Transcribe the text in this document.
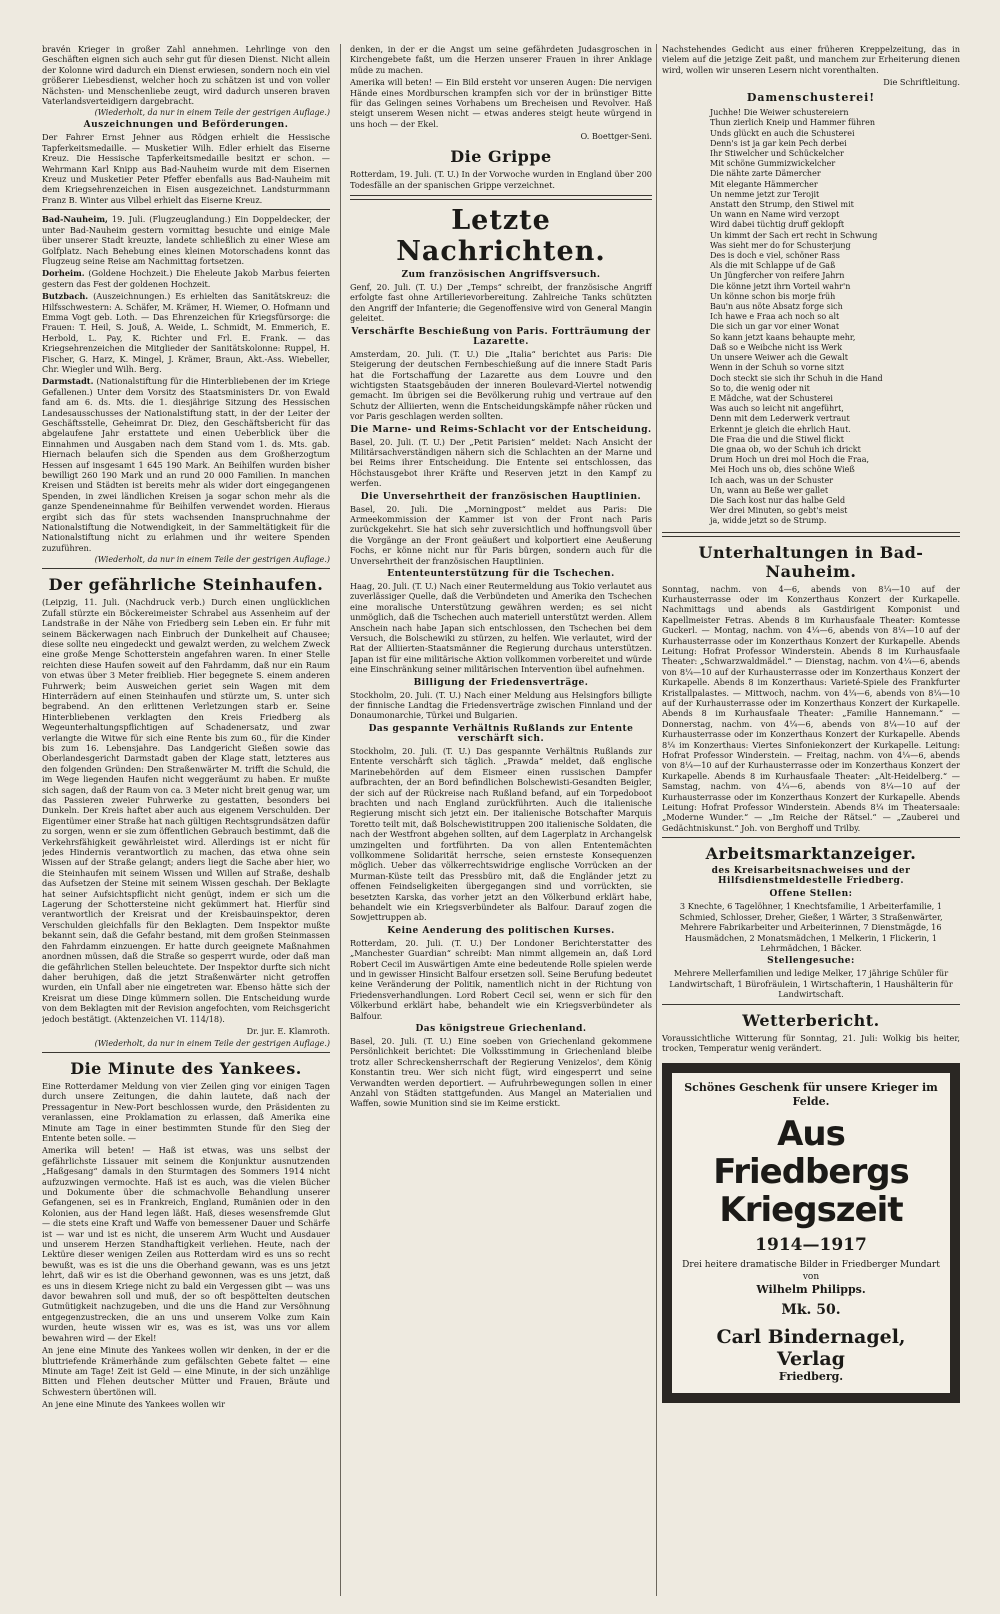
bravén Krieger in großer Zahl annehmen. Lehrlinge von den Geschäften eignen sich auch sehr gut für diesen Dienst. Nicht allein der Kolonne wird dadurch ein Dienst erwiesen, sondern noch ein viel größerer Liebesdienst, welcher hoch zu schätzen ist und von voller Nächsten- und Menschenliebe zeugt, wird dadurch unseren braven Vaterlandsverteidigern dargebracht.

(Wiederholt, da nur in einem Teile der gestrigen Auflage.)
Auszeichnungen und Beförderungen.

Der Fahrer Ernst Jehner aus Rödgen erhielt die Hessische Tapferkeitsmedaille. — Musketier Wilh. Edler erhielt das Eiserne Kreuz. Die Hessische Tapferkeitsmedaille besitzt er schon. — Wehrmann Karl Knipp aus Bad-Nauheim wurde mit dem Eisernen Kreuz und Musketier Peter Pfeffer ebenfalls aus Bad-Nauheim mit dem Kriegsehrenzeichen in Eisen ausgezeichnet. Landsturmmann Franz B. Winter aus Vilbel erhielt das Eiserne Kreuz.

Bad-Nauheim, 19. Juli. (Flugzeuglandung.) Ein Doppeldecker, der unter Bad-Nauheim gestern vormittag besuchte und einige Male über unserer Stadt kreuzte, landete schließlich zu einer Wiese am Golfplatz. Nach Behebung eines kleinen Motorschadens konnt das Flugzeug seine Reise am Nachmittag fortsetzen.

Dorheim. (Goldene Hochzeit.) Die Eheleute Jakob Marbus feierten gestern das Fest der goldenen Hochzeit.

Butzbach. (Auszeichnungen.) Es erhielten das Sanitätskreuz: die Hilfsschwestern: A. Schäfer, M. Krämer, H. Wiemer, O. Hofmann und Emma Vogt geb. Loth. — Das Ehrenzeichen für Kriegsfürsorge: die Frauen: T. Heil, S. Jouß, A. Weide, L. Schmidt, M. Emmerich, E. Herbold, L. Pay, K. Richter und Frl. E. Frank. — das Kriegsehrenzeichen die Mitglieder der Sanitätskolonne: Ruppel, H. Fischer, G. Harz, K. Mingel, J. Krämer, Braun, Akt.-Ass. Wiebeller, Chr. Wiegler und Wilh. Berg.

Darmstadt. (Nationalstiftung für die Hinterbliebenen der im Kriege Gefallenen.) Unter dem Vorsitz des Staatsministers Dr. von Ewald fand am 6. ds. Mts. die 1. diesjährige Sitzung des Hessischen Landesausschusses der Nationalstiftung statt, in der der Leiter der Geschäftsstelle, Geheimrat Dr. Diez, den Geschäftsbericht für das abgelaufene Jahr erstattete und einen Ueberblick über die Einnahmen und Ausgaben nach dem Stand vom 1. ds. Mts. gab. Hiernach belaufen sich die Spenden aus dem Großherzogtum Hessen auf insgesamt 1 645 190 Mark. An Beihilfen wurden bisher bewilligt 260 190 Mark und an rund 20 000 Familien. In manchen Kreisen und Städten ist bereits mehr als wider dort eingegangenen Spenden, in zwei ländlichen Kreisen ja sogar schon mehr als die ganze Spendeneinnahme für Beihilfen verwendet worden. Hieraus ergibt sich das für stets wachsenden Inanspruchnahme der Nationalstiftung die Notwendigkeit, in der Sammeltätigkeit für die Nationalstiftung nicht zu erlahmen und ihr weitere Spenden zuzuführen.

(Wiederholt, da nur in einem Teile der gestrigen Auflage.)
Der gefährliche Steinhaufen.

(Leipzig, 11. Juli. (Nachdruck verb.) Durch einen unglücklichen Zufall stürzte ein Böckereimeister Schrabel aus Assenheim auf der Landstraße in der Nähe von Friedberg sein Leben ein. Er fuhr mit seinem Bäckerwagen nach Einbruch der Dunkelheit auf Chausee; diese sollte neu eingedeckt und gewalzt werden, zu welchem Zweck eine große Menge Schotterstein angefahren waren. In einer Stelle reichten diese Haufen soweit auf den Fahrdamm, daß nur ein Raum von etwas über 3 Meter freiblieb. Hier begegnete S. einem anderen Fuhrwerk; beim Ausweichen geriet sein Wagen mit dem Hinterrädern auf einen Steinhaufen und stürzte um, S. unter sich begrabend. An den erlittenen Verletzungen starb er. Seine Hinterbliebenen verklagten den Kreis Friedberg als Wegeunterhaltungspflichtigen auf Schadenersatz, und zwar verlangte die Witwe für sich eine Rente bis zum 60., für die Kinder bis zum 16. Lebensjahre. Das Landgericht Gießen sowie das Oberlandesgericht Darmstadt gaben der Klage statt, letzteres aus den folgenden Gründen: Den Straßenwärter M. trifft die Schuld, die im Wege liegenden Haufen nicht weggeräumt zu haben. Er mußte sich sagen, daß der Raum von ca. 3 Meter nicht breit genug war, um das Passieren zweier Fuhrwerke zu gestatten, besonders bei Dunkeln. Der Kreis haftet aber auch aus eigenem Verschulden. Der Eigentümer einer Straße hat nach gültigen Rechtsgrundsätzen dafür zu sorgen, wenn er sie zum öffentlichen Gebrauch bestimmt, daß die Verkehrsfähigkeit gewährleistet wird. Allerdings ist er nicht für jedes Hindernis verantwortlich zu machen, das etwa ohne sein Wissen auf der Straße gelangt; anders liegt die Sache aber hier, wo die Steinhaufen mit seinem Wissen und Willen auf Straße, deshalb das Aufsetzen der Steine mit seinem Wissen geschah. Der Beklagte hat seiner Aufsichtspflicht nicht genügt, indem er sich um die Lagerung der Schottersteine nicht gekümmert hat. Hierfür sind verantwortlich der Kreisrat und der Kreisbauinspektor, deren Verschulden gleichfalls für den Beklagten. Dem Inspektor mußte bekannt sein, daß die Gefahr bestand, mit dem großen Steinmassen den Fahrdamm einzuengen. Er hatte durch geeignete Maßnahmen anordnen müssen, daß die Straße so gesperrt wurde, oder daß man die gefährlichen Stellen beleuchtete. Der Inspektor durfte sich nicht daher beruhigen, daß die jetzt Straßenwärter nicht getroffen wurden, ein Unfall aber nie eingetreten war. Ebenso hätte sich der Kreisrat um diese Dinge kümmern sollen. Die Entscheidung wurde von dem Beklagten mit der Revision angefochten, vom Reichsgericht jedoch bestätigt. (Aktenzeichen VI. 114/18).

Dr. jur. E. Klamroth.
(Wiederholt, da nur in einem Teile der gestrigen Auflage.)
Die Minute des Yankees.

Eine Rotterdamer Meldung von vier Zeilen ging vor einigen Tagen durch unsere Zeitungen, die dahin lautete, daß nach der Pressagentur in New-Port beschlossen wurde, den Präsidenten zu veranlassen, eine Proklamation zu erlassen, daß Amerika eine Minute am Tage in einer bestimmten Stunde für den Sieg der Entente beten solle. —

Amerika will beten! — Haß ist etwas, was uns selbst der gefährlichste Lissauer mit seinem die Konjunktur ausnutzenden „Haßgesang“ damals in den Sturmtagen des Sommers 1914 nicht aufzuzwingen vermochte. Haß ist es auch, was die vielen Bücher und Dokumente über die schmachvolle Behandlung unserer Gefangenen, sei es in Frankreich, England, Rumänien oder in den Kolonien, aus der Hand legen läßt. Haß, dieses wesensfremde Glut — die stets eine Kraft und Waffe von bemessener Dauer und Schärfe ist — war und ist es nicht, die unserem Arm Wucht und Ausdauer und unserem Herzen Standhaftigkeit verliehen. Heute, nach der Lektüre dieser wenigen Zeilen aus Rotterdam wird es uns so recht bewußt, was es ist die uns die Oberhand gewann, was es uns jetzt lehrt, daß wir es ist die Oberhand gewonnen, was es uns jetzt, daß es uns in diesem Kriege nicht zu bald ein Vergessen gibt — was uns davor bewahren soll und muß, der so oft bespöttelten deutschen Gutmütigkeit nachzugeben, und die uns die Hand zur Versöhnung entgegenzustrecken, die an uns und unserem Volke zum Kain wurden, heute wissen wir es, was es ist, was uns vor allem bewahren wird — der Ekel!

An jene eine Minute des Yankees wollen wir denken, in der er die bluttriefende Krämerhände zum gefälschten Gebete faltet — eine Minute am Tage! Zeit ist Geld — eine Minute, in der sich unzählige Bitten und Flehen deutscher Mütter und Frauen, Bräute und Schwestern übertönen will.

An jene eine Minute des Yankees wollen wir

denken, in der er die Angst um seine gefährdeten Judasgroschen in Kirchengebete faßt, um die Herzen unserer Frauen in ihrer Anklage müde zu machen.

Amerika will beten! — Ein Bild ersteht vor unseren Augen: Die nervigen Hände eines Mordburschen krampfen sich vor der in brünstiger Bitte für das Gelingen seines Vorhabens um Brecheisen und Revolver. Haß steigt unserem Wesen nicht — etwas anderes steigt heute würgend in uns hoch — der Ekel.

O. Boettger-Seni.
Die Grippe

Rotterdam, 19. Juli. (T. U.) In der Vorwoche wurden in England über 200 Todesfälle an der spanischen Grippe verzeichnet.

Letzte Nachrichten.
Zum französischen Angriffsversuch.

Genf, 20. Juli. (T. U.) Der „Temps“ schreibt, der französische Angriff erfolgte fast ohne Artillerievorbereitung. Zahlreiche Tanks schützten den Angriff der Infanterie; die Gegenoffensive wird von General Mangin geleitet.

Verschärfte Beschießung von Paris. Fortträumung der Lazarette.

Amsterdam, 20. Juli. (T. U.) Die „Italia“ berichtet aus Paris: Die Steigerung der deutschen Fernbeschießung auf die innere Stadt Paris hat die Fortschaffung der Lazarette aus dem Louvre und den wichtigsten Staatsgebäuden der inneren Boulevard-Viertel notwendig gemacht. Im übrigen sei die Bevölkerung ruhig und vertraue auf den Schutz der Alliierten, wenn die Entscheidungskämpfe näher rücken und vor Paris geschlagen werden sollten.

Die Marne- und Reims-Schlacht vor der Entscheidung.

Basel, 20. Juli. (T. U.) Der „Petit Parisien“ meldet: Nach Ansicht der Militärsachverständigen nähern sich die Schlachten an der Marne und bei Reims ihrer Entscheidung. Die Entente sei entschlossen, das Höchstausgebot ihrer Kräfte und Reserven jetzt in den Kampf zu werfen.

Die Unversehrtheit der französischen Hauptlinien.

Basel, 20. Juli. Die „Morningpost“ meldet aus Paris: Die Armeekommission der Kammer ist von der Front nach Paris zurückgekehrt. Sie hat sich sehr zuversichtlich und hoffnungsvoll über die Vorgänge an der Front geäußert und kolportiert eine Aeußerung Fochs, er könne nicht nur für Paris bürgen, sondern auch für die Unversehrtheit der französischen Hauptlinien.

Ententeunterstützung für die Tschechen.

Haag, 20. Juli. (T. U.) Nach einer Reutermeldung aus Tokio verlautet aus zuverlässiger Quelle, daß die Verbündeten und Amerika den Tschechen eine moralische Unterstützung gewähren werden; es sei nicht unmöglich, daß die Tschechen auch materiell unterstützt werden. Allem Anschein nach habe Japan sich entschlossen, den Tschechen bei dem Versuch, die Bolschewiki zu stürzen, zu helfen. Wie verlautet, wird der Rat der Alliierten-Staatsmänner die Regierung durchaus unterstützen. Japan ist für eine militärische Aktion vollkommen vorbereitet und würde eine Einschränkung seiner militärischen Intervention übel aufnehmen.

Billigung der Friedensverträge.

Stockholm, 20. Juli. (T. U.) Nach einer Meldung aus Helsingfors billigte der finnische Landtag die Friedensverträge zwischen Finnland und der Donaumonarchie, Türkei und Bulgarien.

Das gespannte Verhältnis Rußlands zur Entente verschärft sich.

Stockholm, 20. Juli. (T. U.) Das gespannte Verhältnis Rußlands zur Entente verschärft sich täglich. „Prawda“ meldet, daß englische Marinebehörden auf dem Eismeer einen russischen Dampfer aufbrachten, der an Bord befindlichen Bolschewisti-Gesandten Beigler, der sich auf der Rückreise nach Rußland befand, auf ein Torpedoboot brachten und nach England zurückführten. Auch die italienische Regierung mischt sich jetzt ein. Der italienische Botschafter Marquis Toretto teilt mit, daß Bolschewistitruppen 200 italienische Soldaten, die nach der Westfront abgehen sollten, auf dem Lagerplatz in Archangelsk umzingelten und fortführten. Da von allen Ententemächten vollkommene Solidarität herrsche, seien ernsteste Konsequenzen möglich. Ueber das völkerrechtswidrige englische Vorrücken an der Murman-Küste teilt das Pressbüro mit, daß die Engländer jetzt zu offenen Feindseligkeiten übergegangen sind und vorrückten, sie besetzten Karska, das vorher jetzt an den Völkerbund erklärt habe, behandelt wie ein Kriegsverbündeter als Balfour. Darauf zogen die Sowjettruppen ab.

Keine Aenderung des politischen Kurses.

Rotterdam, 20. Juli. (T. U.) Der Londoner Berichterstatter des „Manchester Guardian“ schreibt: Man nimmt allgemein an, daß Lord Robert Cecil im Auswärtigen Amte eine bedeutende Rolle spielen werde und in gewisser Hinsicht Balfour ersetzen soll. Seine Berufung bedeutet keine Veränderung der Politik, namentlich nicht in der Richtung von Friedensverhandlungen. Lord Robert Cecil sei, wenn er sich für den Völkerbund erklärt habe, behandelt wie ein Kriegsverbündeter als Balfour.

Das königstreue Griechenland.

Basel, 20. Juli. (T. U.) Eine soeben von Griechenland gekommene Persönlichkeit berichtet: Die Volksstimmung in Griechenland bleibe trotz aller Schreckensherrschaft der Regierung Venizelos', dem König Konstantin treu. Wer sich nicht fügt, wird eingesperrt und seine Verwandten werden deportiert. — Aufruhrbewegungen sollen in einer Anzahl von Städten stattgefunden. Aus Mangel an Materialien und Waffen, sowie Munition sind sie im Keime erstickt.

Nachstehendes Gedicht aus einer früheren Kreppelzeitung, das in vielem auf die jetzige Zeit paßt, und manchem zur Erheiterung dienen wird, wollen wir unseren Lesern nicht vorenthalten.

Die Schriftleitung.
Damenschusterei!
Juchhe! Die Weiwer schustereiern
Thun zierlich Kneip und Hammer führen
Unds glückt en auch die Schusterei
Denn's ist ja gar kein Pech derbei
Ihr Stiwelcher und Schückelcher
Mit schöne Gummizwickelcher
Die nähte zarte Dämercher
Mit elegante Hämmercher
Un nemme jetzt zur Terojit
Anstatt den Strump, den Stiwel mit
Un wann en Name wird verzopt
Wird dabei tüchtig druff geklopft
Un kimmt der Sach ert recht in Schwung
Was sieht mer do for Schusterjung
Des is doch e viel, schöner Rass
Als die mit Schlappe uf de Gaß
Un Jüngfercher von reifere Jahrn
Die könne jetzt ihrn Vorteil wahr'n
Un könne schon bis morje früh
Bau'n aus nöte Absatz forge sich
Ich hawe e Fraa ach noch so alt
Die sich un gar vor einer Wonat
So kann jetzt kaans behaupte mehr,
Daß so e Weibche nicht iss Werk
Un unsere Weiwer ach die Gewalt
Wenn in der Schuh so vorne sitzt
Doch steckt sie sich ihr Schuh in die Hand
So to, die wenig oder nit
E Mädche, wat der Schusterei
Was auch so leicht nit angeführt,
Denn mit dem Lederwerk vertraut
Erkennt je gleich die ehrlich Haut.
Die Fraa die und die Stiwel flickt
Die gnaa ob, wo der Schuh ich drickt
Drum Hoch un drei mol Hoch die Fraa,
Mei Hoch uns ob, dies schöne Wieß
Ich aach, was un der Schuster
Un, wann au Beße wer gallet
Die Sach kost nur das halbe Geld
Wer drei Minuten, so gebt's meist
ja, widde jetzt so de Strump.
Unterhaltungen in Bad-Nauheim.

Sonntag, nachm. von 4—6, abends von 8¼—10 auf der Kurhausterrasse oder im Konzerthaus Konzert der Kurkapelle. Nachmittags und abends als Gastdirigent Komponist und Kapellmeister Fetras. Abends 8 im Kurhausfaale Theater: Komtesse Guckerl. — Montag, nachm. von 4¼—6, abends von 8¼—10 auf der Kurhausterrasse oder im Konzerthaus Konzert der Kurkapelle. Abends Leitung: Hofrat Professor Winderstein. Abends 8 im Kurhausfaale Theater: „Schwarzwaldmädel.“ — Dienstag, nachm. von 4¼—6, abends von 8¼—10 auf der Kurhausterrasse oder im Konzerthaus Konzert der Kurkapelle. Abends 8 im Konzerthaus: Varieté-Spiele des Frankfurter Kristallpalastes. — Mittwoch, nachm. von 4¼—6, abends von 8¼—10 auf der Kurhausterrasse oder im Konzerthaus Konzert der Kurkapelle. Abends 8 im Kurhausfaale Theater: „Familie Hannemann.“ — Donnerstag, nachm. von 4¼—6, abends von 8¼—10 auf der Kurhausterrasse oder im Konzerthaus Konzert der Kurkapelle. Abends 8¼ im Konzerthaus: Viertes Sinfoniekonzert der Kurkapelle. Leitung: Hofrat Professor Winderstein. — Freitag, nachm. von 4¼—6, abends von 8¼—10 auf der Kurhausterrasse oder im Konzerthaus Konzert der Kurkapelle. Abends 8 im Kurhausfaale Theater: „Alt-Heidelberg.“ — Samstag, nachm. von 4¼—6, abends von 8¼—10 auf der Kurhausterrasse oder im Konzerthaus Konzert der Kurkapelle. Abends Leitung: Hofrat Professor Winderstein. Abends 8¼ im Theatersaale: „Moderne Wunder.“ — „Im Reiche der Rätsel.“ — „Zauberei und Gedächtniskunst.“ Joh. von Berghoff und Trilby.

Arbeitsmarktanzeiger.
des Kreisarbeitsnachweises und der Hilfsdienstmeldestelle Friedberg.
Offene Stellen:

3 Knechte, 6 Tagelöhner, 1 Knechtsfamilie, 1 Arbeiterfamilie, 1 Schmied, Schlosser, Dreher, Gießer, 1 Wärter, 3 Straßenwärter, Mehrere Fabrikarbeiter und Arbeiterinnen, 7 Dienstmägde, 16 Hausmädchen, 2 Monatsmädchen, 1 Melkerin, 1 Flickerin, 1 Lehrmädchen, 1 Bäcker.

Stellengesuche:

Mehrere Mellerfamilien und ledige Melker, 17 jährige Schüler für Landwirtschaft, 1 Bürofräulein, 1 Wirtschafterin, 1 Haushälterin für Landwirtschaft.

Wetterbericht.

Voraussichtliche Witterung für Sonntag, 21. Juli: Wolkig bis heiter, trocken, Temperatur wenig verändert.

Schönes Geschenk für unsere Krieger im Felde.
Aus Friedbergs Kriegszeit
1914—1917
Drei heitere dramatische Bilder in Friedberger Mundart
von
Wilhelm Philipps.
Mk. 50.
Carl Bindernagel, Verlag
Friedberg.
